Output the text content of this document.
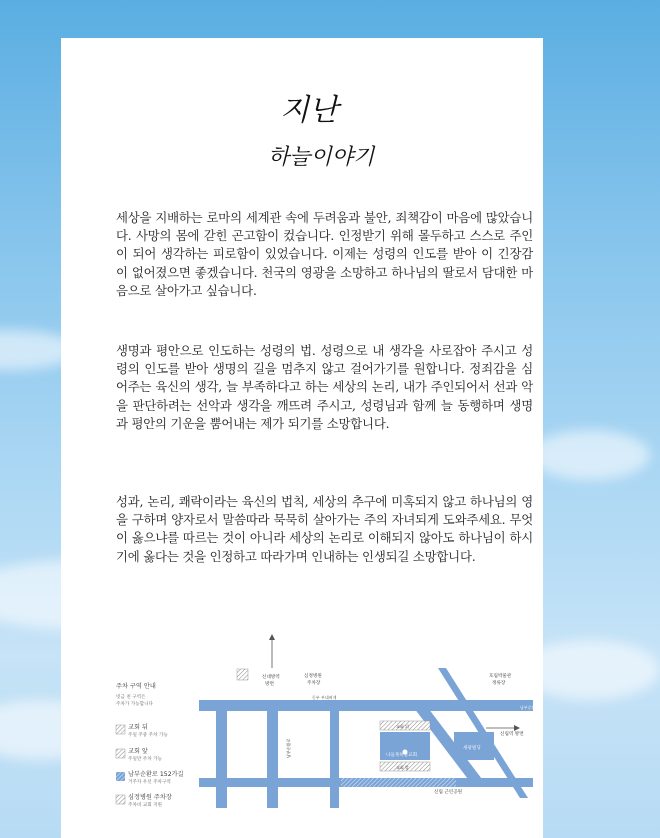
지난
하늘이야기

세상을 지배하는 로마의 세계관 속에 두려움과 불안, 죄책감이 마음에 많았습니다. 사망의 몸에 갇힌 곤고함이 컸습니다. 인정받기 위해 몰두하고 스스로 주인이 되어 생각하는 피로함이 있었습니다. 이제는 성령의 인도를 받아 이 긴장감이 없어졌으면 좋겠습니다. 천국의 영광을 소망하고 하나님의 딸로서 담대한 마음으로 살아가고 싶습니다.

생명과 평안으로 인도하는 성령의 법. 성령으로 내 생각을 사로잡아 주시고 성령의 인도를 받아 생명의 길을 멈추지 않고 걸어가기를 원합니다. 정죄감을 심어주는 육신의 생각, 늘 부족하다고 하는 세상의 논리, 내가 주인되어서 선과 악을 판단하려는 선악과 생각을 깨뜨려 주시고, 성령님과 함께 늘 동행하며 생명과 평안의 기운을 뿜어내는 제가 되기를 소망합니다.

성과, 논리, 쾌락이라는 육신의 법칙, 세상의 추구에 미혹되지 않고 하나님의 영을 구하며 양자로서 말씀따라 묵묵히 살아가는 주의 자녀되게 도와주세요. 무엇이 옳으냐를 따르는 것이 아니라 세상의 논리로 이해되지 않아도 하나님이 하시기에 옳다는 것을 인정하고 따라가며 인내하는 인생되길 소망합니다.

주차 구역 안내
빗금 친 구역은
주차가 가능합니다
교회 뒤
주일 주중 주차 가능
교회 앞
주일만 주차 가능
남부순환로 152가길
거주자 우선 주차구역
심정병원 주차장
주차비 교회 지원
신대방역
방면
심정병원
주차장
동부 부대찌개
교회 뒤
교회 앞
나들목하늘교회
세광빌딩
남부순환로
호림박물관
정류장
신림역 방면
신림 근린공원
남부순환로
